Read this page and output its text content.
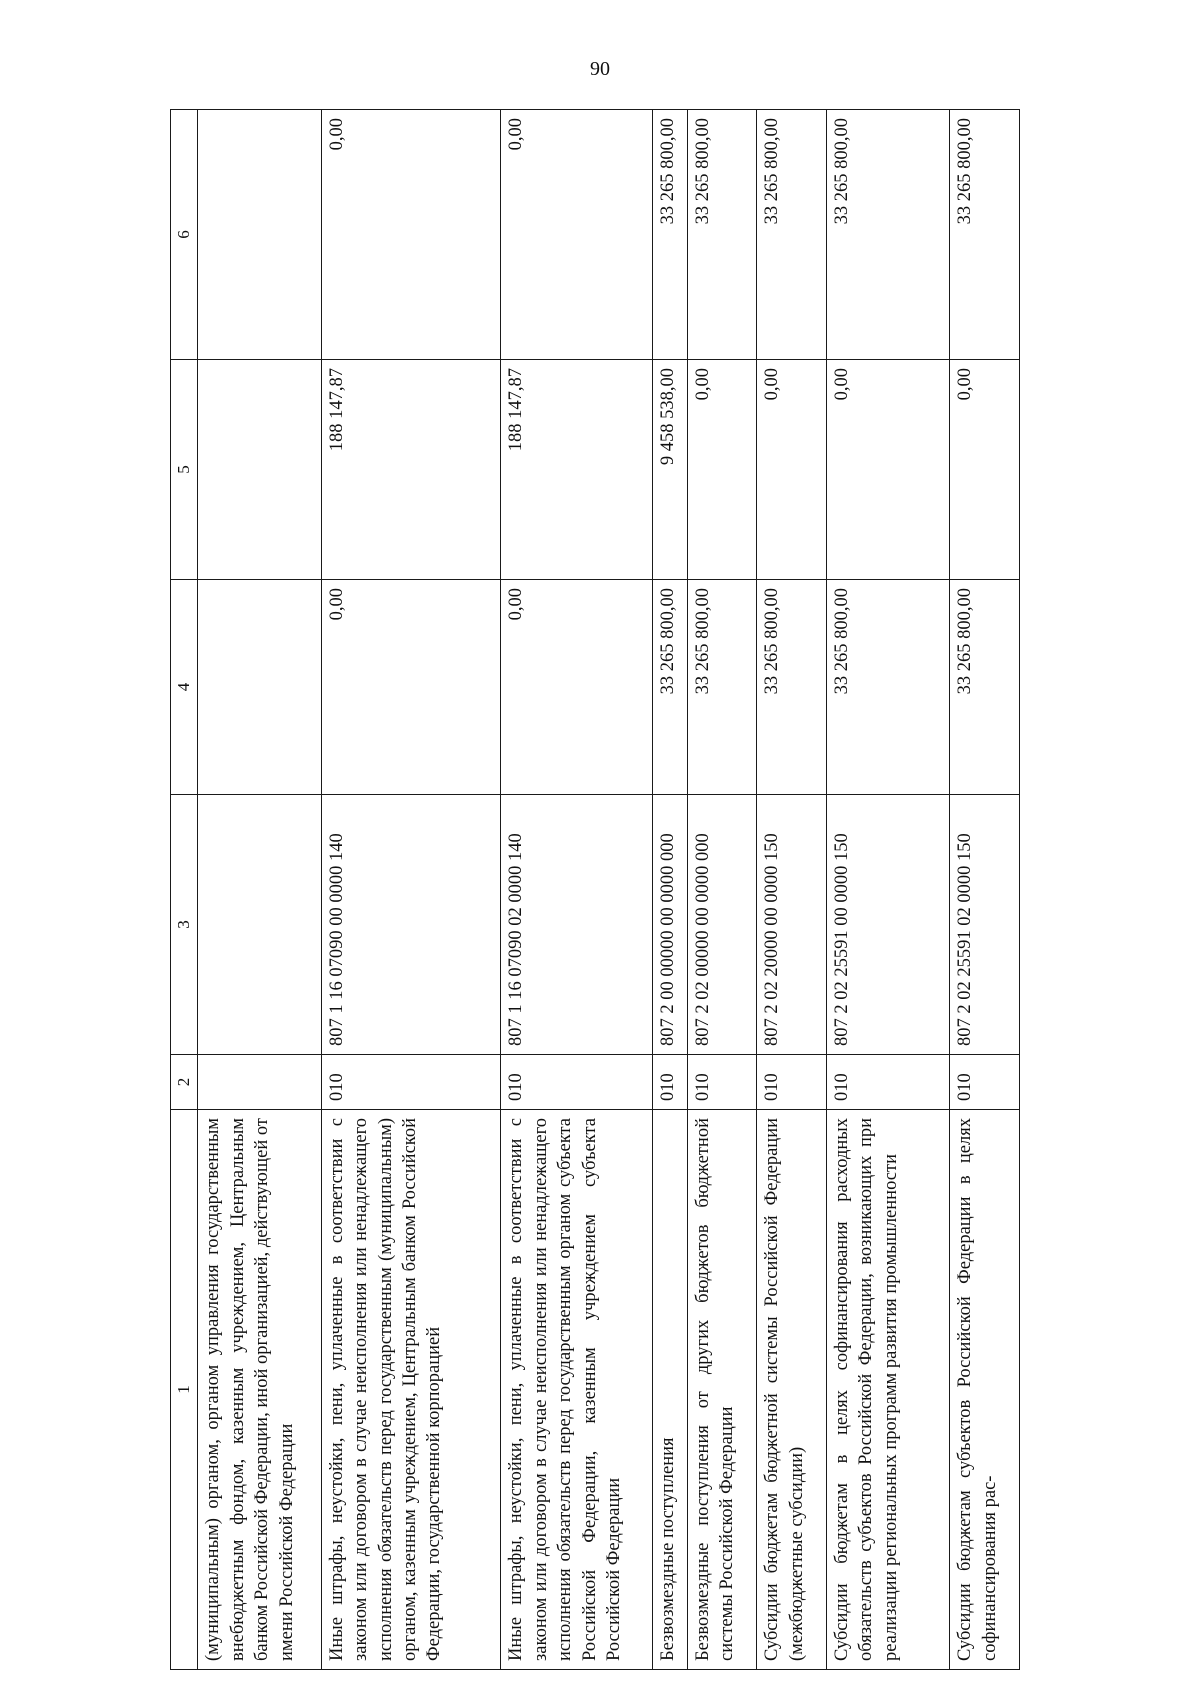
90
1	2	3	4	5	6
(муниципальным) органом, органом управления государственным внебюджетным фондом, казенным учреждением, Центральным банком Российской Федерации, иной организацией, действующей от имени Российской Федерации					
Иные штрафы, неустойки, пени, уплаченные в соответствии с законом или договором в случае неисполнения или ненадлежащего исполнения обязательств перед государственным (муниципальным) органом, казенным учреждением, Центральным банком Российской Федерации, государственной корпорацией	010	807 1 16 07090 00 0000 140	0,00	188 147,87	0,00
Иные штрафы, неустойки, пени, уплаченные в соответствии с законом или договором в случае неисполнения или ненадлежащего исполнения обязательств перед государственным органом субъекта Российской Федерации, казенным учреждением субъекта Российской Федерации	010	807 1 16 07090 02 0000 140	0,00	188 147,87	0,00
Безвозмездные поступления	010	807 2 00 00000 00 0000 000	33 265 800,00	9 458 538,00	33 265 800,00
Безвозмездные поступления от других бюджетов бюджетной системы Российской Федерации	010	807 2 02 00000 00 0000 000	33 265 800,00	0,00	33 265 800,00
Субсидии бюджетам бюджетной системы Российской Федерации (межбюджетные субсидии)	010	807 2 02 20000 00 0000 150	33 265 800,00	0,00	33 265 800,00
Субсидии бюджетам в целях софинансирования расходных обязательств субъектов Российской Федерации, возникающих при реализации региональных программ развития промышленности	010	807 2 02 25591 00 0000 150	33 265 800,00	0,00	33 265 800,00
Субсидии бюджетам субъектов Российской Федерации в целях софинансирования рас-	010	807 2 02 25591 02 0000 150	33 265 800,00	0,00	33 265 800,00
